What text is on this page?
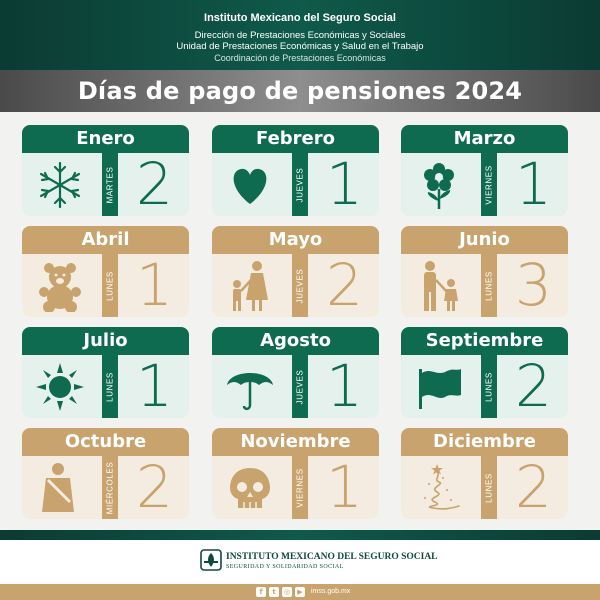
Instituto Mexicano del Seguro Social
Dirección de Prestaciones Económicas y Sociales
Unidad de Prestaciones Económicas y Salud en el Trabajo
Coordinación de Prestaciones Económicas
Días de pago de pensiones 2024
Enero
MARTES 2
Febrero
JUEVES 1
Marzo
VIERNES 1
Abril
LUNES 1
Mayo
JUEVES 2
Junio
LUNES 3
Julio
LUNES 1
Agosto
JUEVES 1
Septiembre
LUNES 2
Octubre
MIÉRCOLES 2
Noviembre
VIERNES 1
Diciembre
LUNES 2
INSTITUTO MEXICANO DEL SEGURO SOCIAL
SEGURIDAD Y SOLIDARIDAD SOCIAL
f	t	◎	▶	imss.gob.mx
